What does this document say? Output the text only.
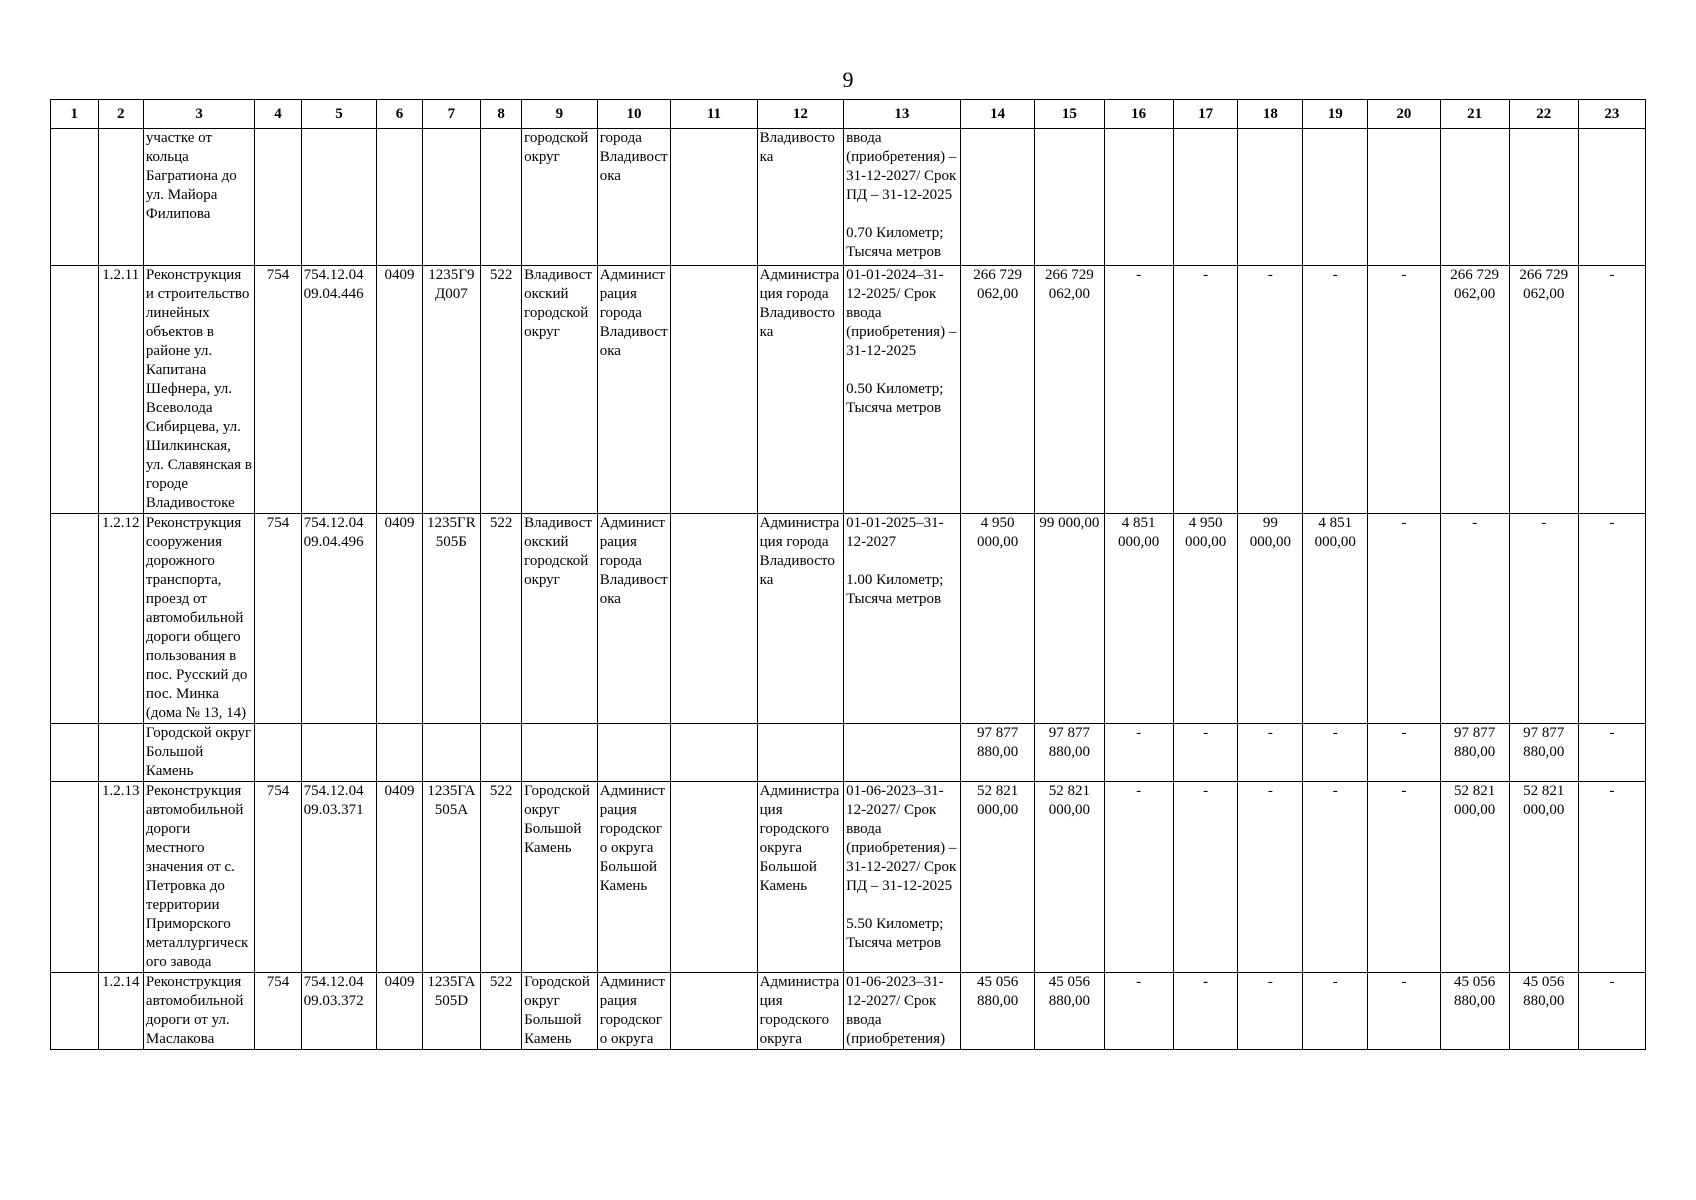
9
1	2	3	4	5	6	7	8	9	10	11	12	13	14	15	16	17	18	19	20	21	22	23
		участке от кольца Багратиона до ул. Майора Филипова						городской округ	города Владивостока		Владивостока	ввода (приобретения) – 31-12-2027/ Срок ПД – 31-12-2025
0.70 Километр; Тысяча метров										
	1.2.11	Реконструкция и строительство линейных объектов в районе ул. Капитана Шефнера, ул. Всеволода Сибирцева, ул. Шилкинская, ул. Славянская в городе Владивостоке	754	754.12.04 09.04.446	0409	1235Г9 Д007	522	Владивостокский городской округ	Администрация города Владивостока		Администрация города Владивостока	01-01-2024–31-12-2025/ Срок ввода (приобретения) – 31-12-2025
0.50 Километр; Тысяча метров	266 729 062,00	266 729 062,00	-	-	-	-	-	266 729 062,00	266 729 062,00	-
	1.2.12	Реконструкция сооружения дорожного транспорта, проезд от автомобильной дороги общего пользования в пос. Русский до пос. Минка (дома № 13, 14)	754	754.12.04 09.04.496	0409	1235ГR 505Б	522	Владивостокский городской округ	Администрация города Владивостока		Администрация города Владивостока	01-01-2025–31-12-2027
1.00 Километр; Тысяча метров	4 950 000,00	99 000,00	4 851 000,00	4 950 000,00	99 000,00	4 851 000,00	-	-	-	-
		Городской округ Большой Камень											97 877 880,00	97 877 880,00	-	-	-	-	-	97 877 880,00	97 877 880,00	-
	1.2.13	Реконструкция автомобильной дороги местного значения от с. Петровка до территории Приморского металлургического завода	754	754.12.04 09.03.371	0409	1235ГА 505А	522	Городской округ Большой Камень	Администрация городского округа Большой Камень		Администрация городского округа Большой Камень	01-06-2023–31-12-2027/ Срок ввода (приобретения) – 31-12-2027/ Срок ПД – 31-12-2025
5.50 Километр; Тысяча метров	52 821 000,00	52 821 000,00	-	-	-	-	-	52 821 000,00	52 821 000,00	-
	1.2.14	Реконструкция автомобильной дороги от ул. Маслакова	754	754.12.04 09.03.372	0409	1235ГА 505D	522	Городской округ Большой Камень	Администрация городского округа		Администрация городского округа	01-06-2023–31-12-2027/ Срок ввода (приобретения)	45 056 880,00	45 056 880,00	-	-	-	-	-	45 056 880,00	45 056 880,00	-
